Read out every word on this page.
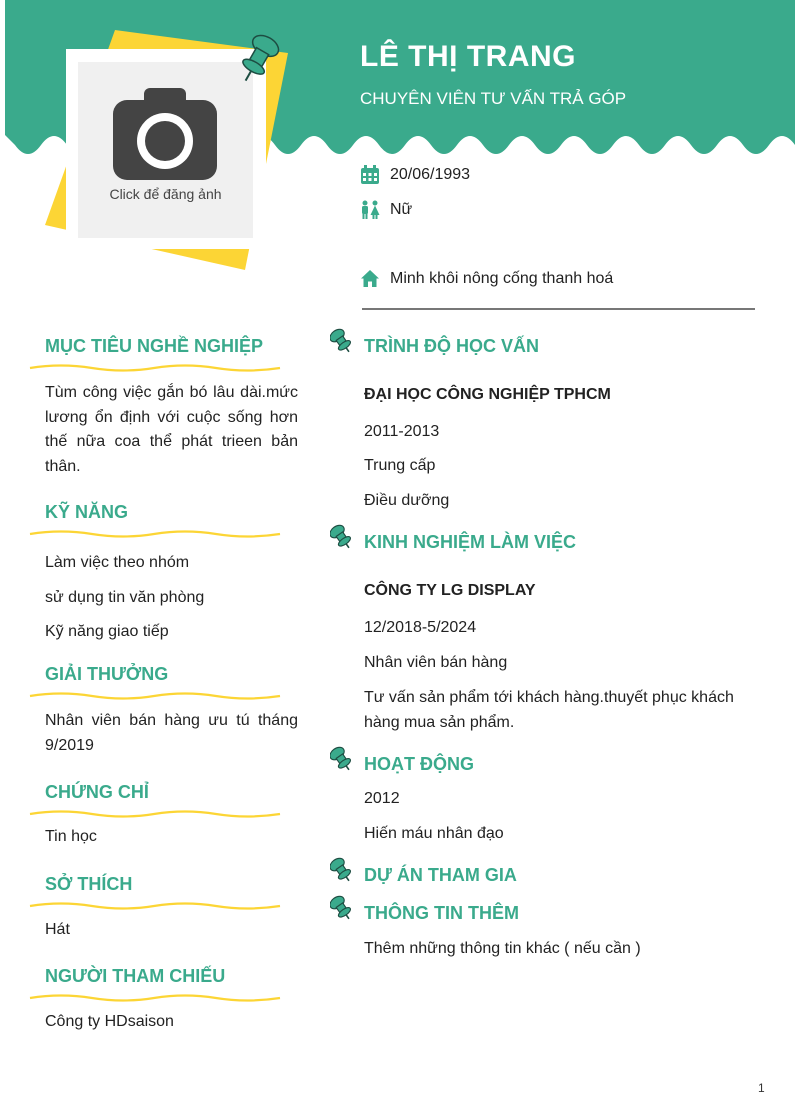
LÊ THỊ TRANG
CHUYÊN VIÊN TƯ VẤN TRẢ GÓP
Click để đăng ảnh
20/06/1993
Nữ
Minh khôi nông cống thanh hoá
MỤC TIÊU NGHỀ NGHIỆP
Tùm công việc gắn bó lâu dài.mức lương ổn định với cuộc sống hơn thế nữa coa thể phát trieen bản thân.
KỸ NĂNG
Làm việc theo nhóm
sử dụng tin văn phòng
Kỹ năng giao tiếp
GIẢI THƯỞNG
Nhân viên bán hàng ưu tú tháng 9/2019
CHỨNG CHỈ
Tin học
SỞ THÍCH
Hát
NGƯỜI THAM CHIẾU
Công ty HDsaison
TRÌNH ĐỘ HỌC VẤN
ĐẠI HỌC CÔNG NGHIỆP TPHCM
2011-2013
Trung cấp
Điều dưỡng
KINH NGHIỆM LÀM VIỆC
CÔNG TY LG DISPLAY
12/2018-5/2024
Nhân viên bán hàng
Tư vấn sản phẩm tới khách hàng.thuyết phục khách hàng mua sản phẩm.
HOẠT ĐỘNG
2012
Hiến máu nhân đạo
DỰ ÁN THAM GIA
THÔNG TIN THÊM
Thêm những thông tin khác ( nếu cần )
1
